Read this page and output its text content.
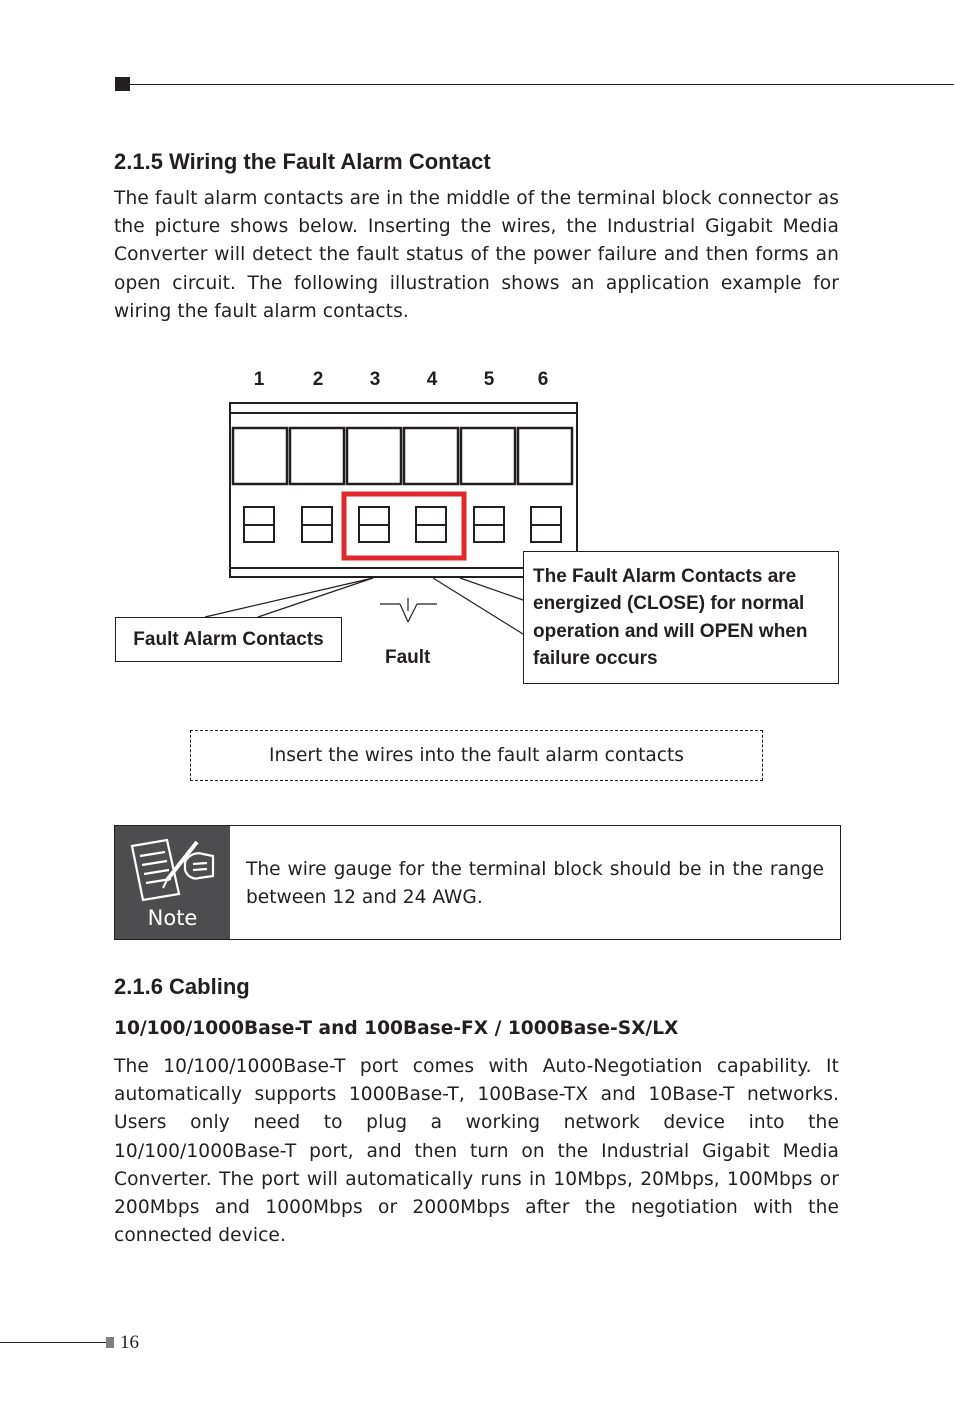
2.1.5 Wiring the Fault Alarm Contact

The fault alarm contacts are in the middle of the terminal block connector as the picture shows below. Inserting the wires, the Industrial Gigabit Media Converter will detect the fault status of the power failure and then forms an open circuit. The following illustration shows an application example for wiring the fault alarm contacts.

1	2 3 4 5 6
Fault Alarm Contacts
Fault
The Fault Alarm Contacts are
energized (CLOSE) for normal
operation and will OPEN when
failure occurs
Insert the wires into the fault alarm contacts
Note

The wire gauge for the terminal block should be in the range between 12 and 24 AWG.

2.1.6 Cabling
10/100/1000Base-T and 100Base-FX / 1000Base-SX/LX

The 10/100/1000Base-T port comes with Auto-Negotiation capability. It automatically supports 1000Base-T, 100Base-TX and 10Base-T networks. Users only need to plug a working network device into the 10/100/1000Base-T port, and then turn on the Industrial Gigabit Media Converter. The port will automatically runs in 10Mbps, 20Mbps, 100Mbps or 200Mbps and 1000Mbps or 2000Mbps after the negotiation with the connected device.

16
